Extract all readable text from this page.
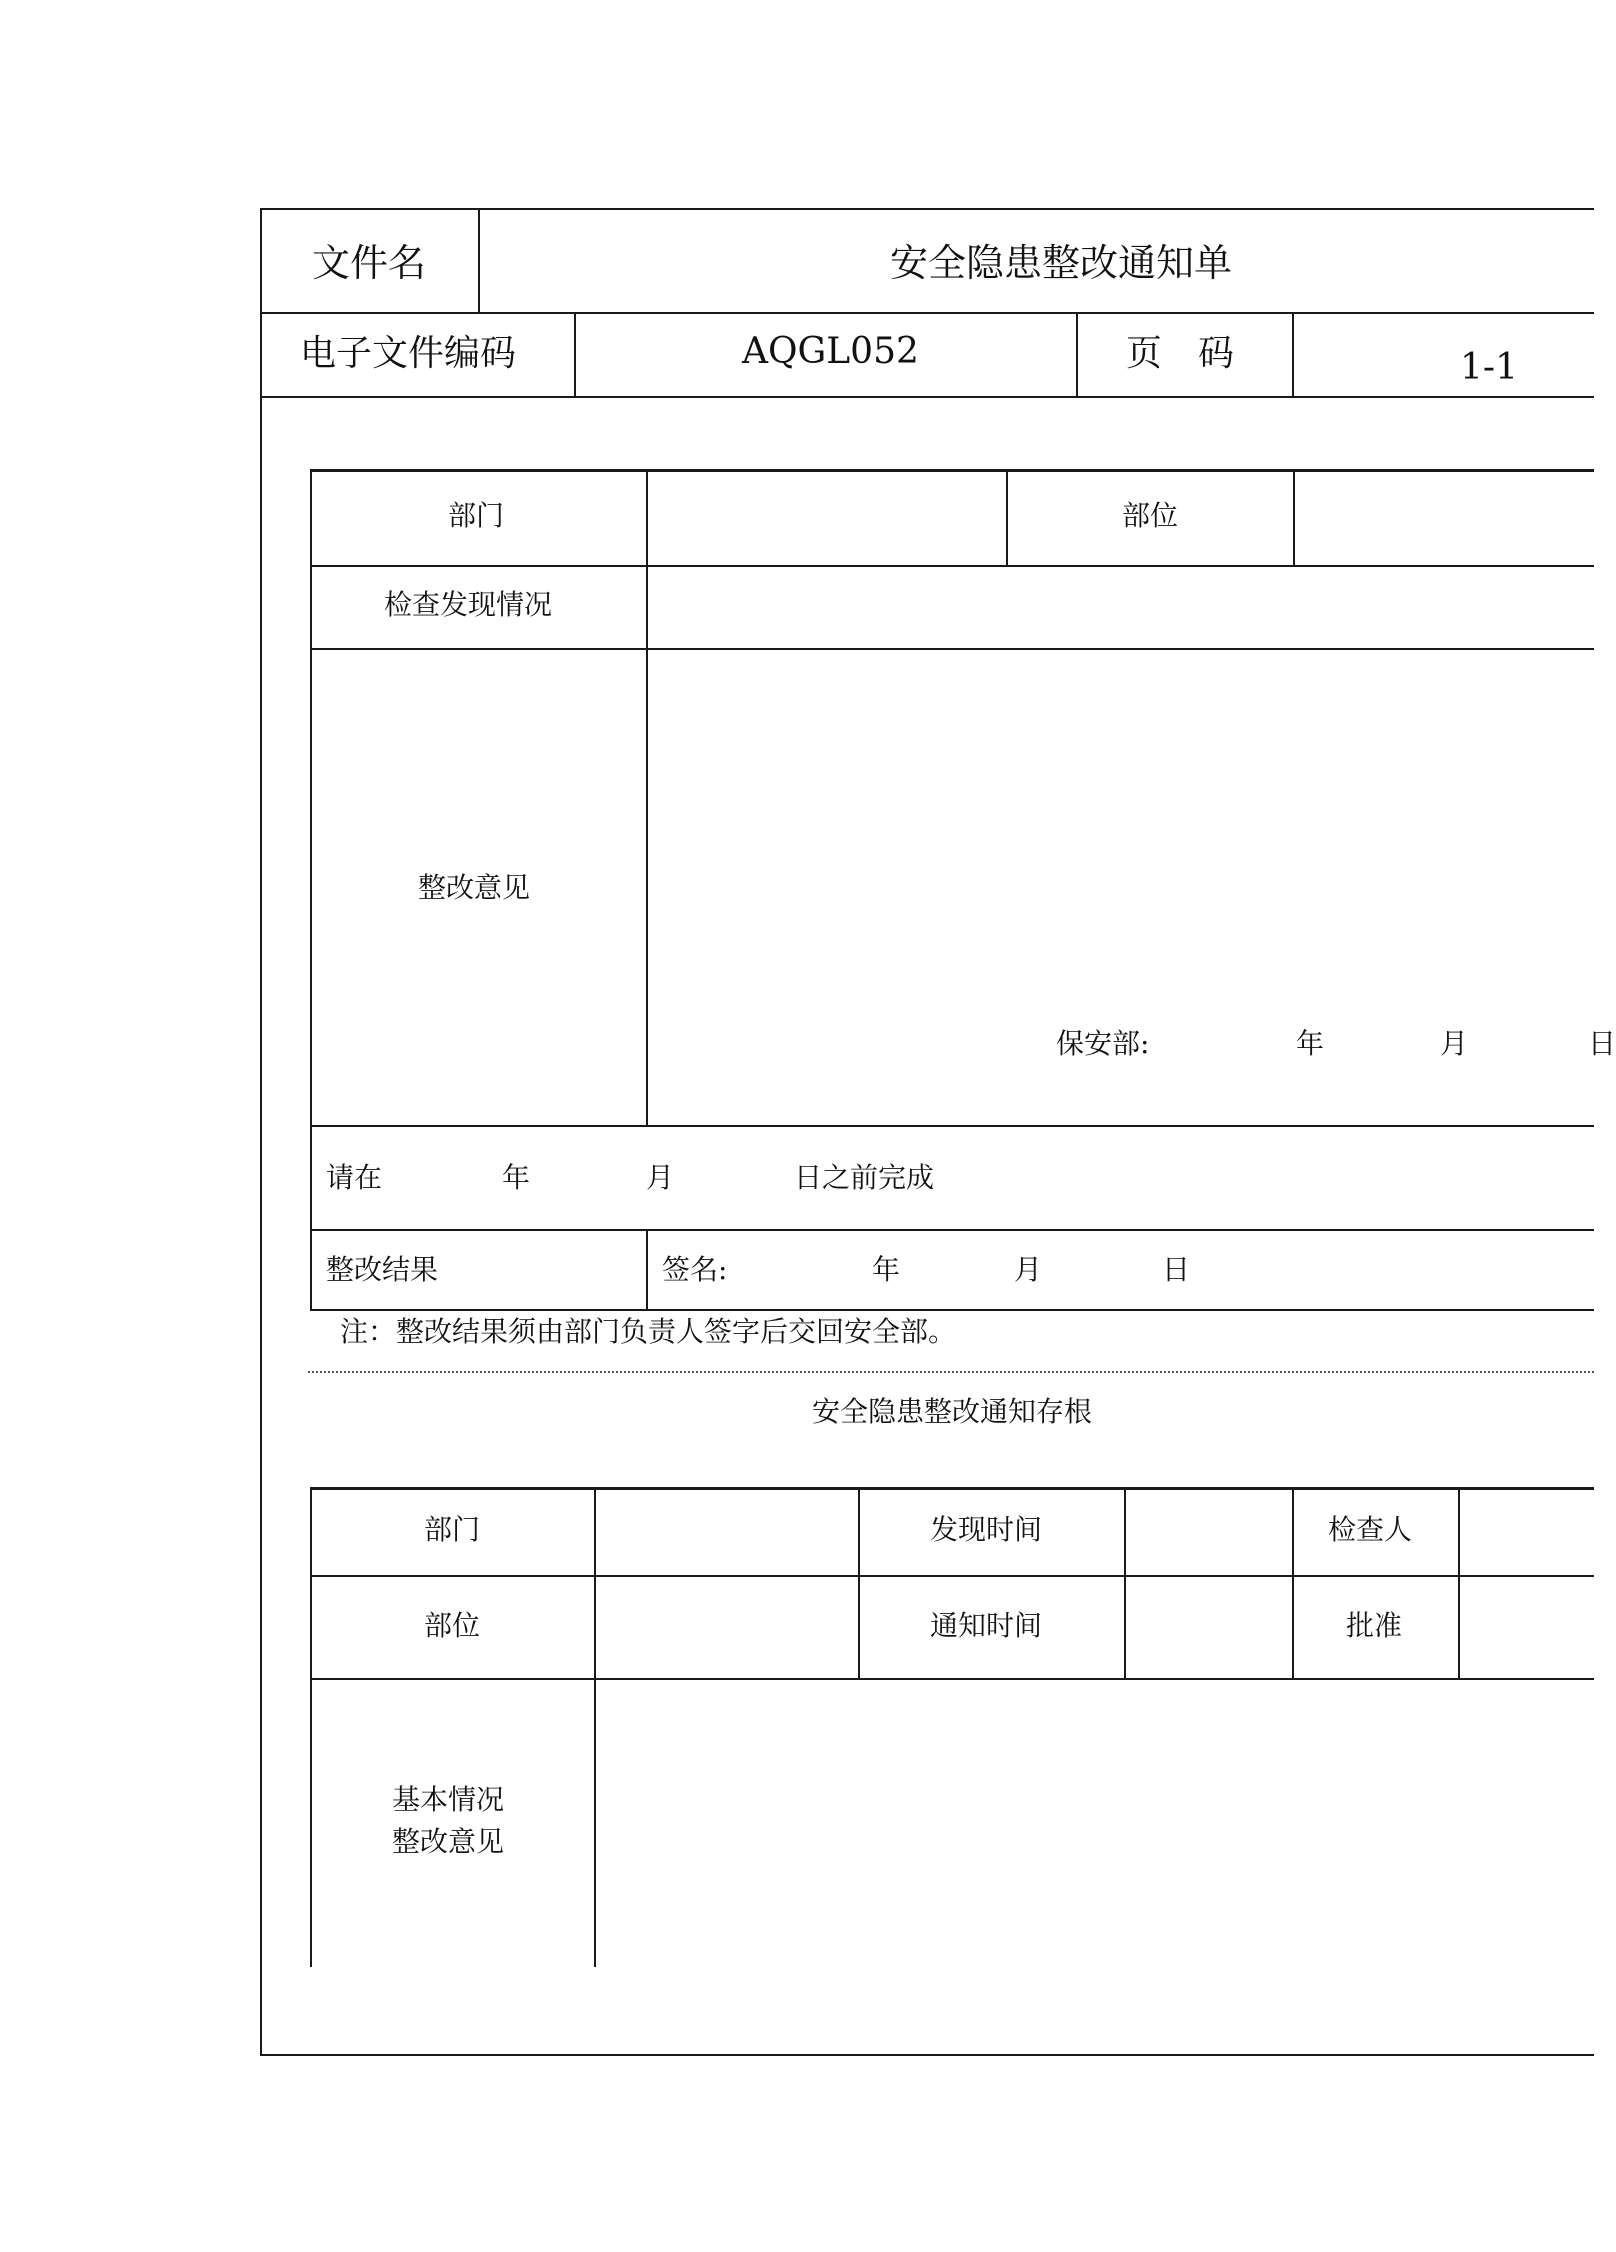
文件名	安全隐患整改通知单
电子文件编码	AQGL052	页　码	1-1
部门	部位
检查发现情况
整改意见
保安部:	年	月	日
请在	年	月	日之前完成
整改结果	签名:	年	月	日
注：整改结果须由部门负责人签字后交回安全部。
安全隐患整改通知存根
部门	发现时间	检查人
部位	通知时间	批准
基本情况
整改意见
